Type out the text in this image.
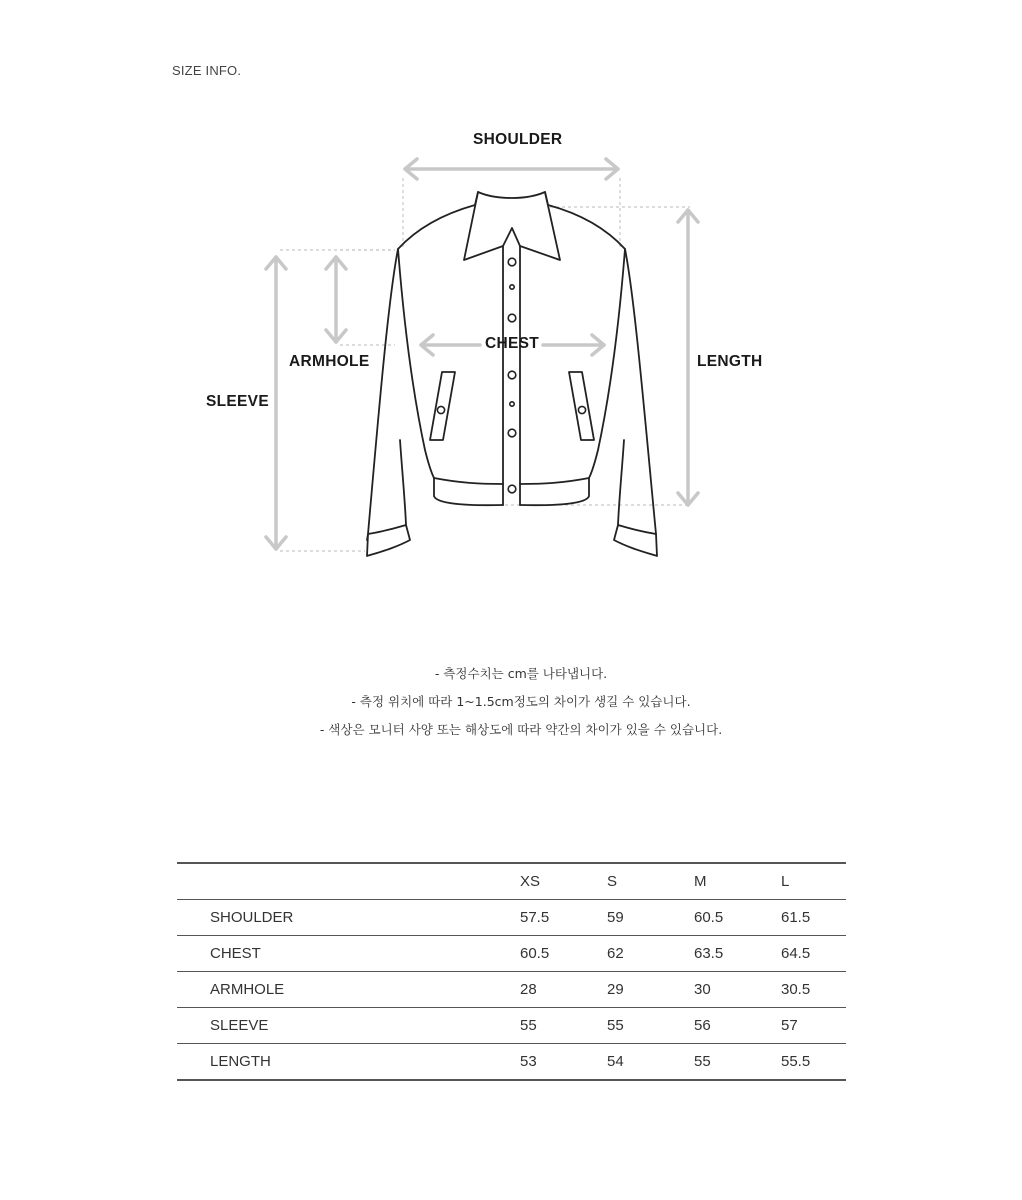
SIZE INFO.
SHOULDER
CHEST
ARMHOLE
SLEEVE
LENGTH
- 측정수치는 cm를 나타냅니다.
- 측정 위치에 따라 1~1.5cm정도의 차이가 생길 수 있습니다.
- 색상은 모니터 사양 또는 해상도에 따라 약간의 차이가 있을 수 있습니다.
	XS	S	M	L
SHOULDER	57.5	59	60.5	61.5
CHEST	60.5	62	63.5	64.5
ARMHOLE	28	29	30	30.5
SLEEVE	55	55	56	57
LENGTH	53	54	55	55.5
